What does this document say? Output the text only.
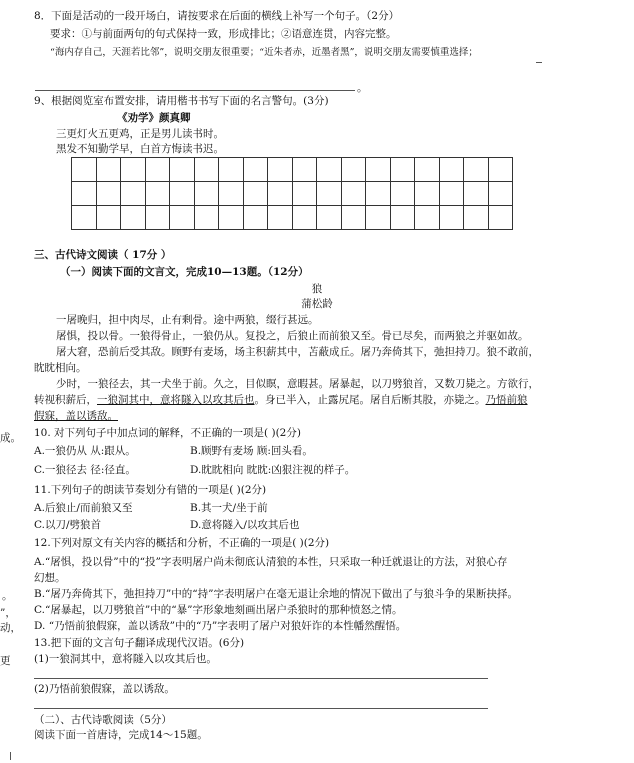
8．下面是活动的一段开场白，请按要求在后面的横线上补写一个句子。（2分）
要求：①与前面两句的句式保持一致，形成排比；②语意连贯，内容完整。
“海内存自己，天涯若比邻”，说明交朋友很重要；“近朱者赤，近墨者黑”，说明交朋友需要慎重选择；
。
9、根据阅览室布置安排，请用楷书书写下面的名言警句。(3分)
《劝学》颜真卿
三更灯火五更鸡，正是男儿读书时。
黑发不知勤学早，白首方悔读书迟。

三、古代诗文阅读（ 17分 ）
（一）阅读下面的文言文，完成10—13题。（12分）
狼
蒲松龄
一屠晚归，担中肉尽，止有剩骨。途中两狼，缀行甚远。
屠惧，投以骨。一狼得骨止，一狼仍从。复投之，后狼止而前狼又至。骨已尽矣，而两狼之并驱如故。
屠大窘，恐前后受其敌。顾野有麦场，场主积薪其中，苫蔽成丘。屠乃奔倚其下，弛担持刀。狼不敢前，
眈眈相向。
少时，一狼径去，其一犬坐于前。久之，目似瞑，意暇甚。屠暴起，以刀劈狼首，又数刀毙之。方欲行，
转视积薪后，一狼洞其中，意将隧入以攻其后也。身已半入，止露尻尾。屠自后断其股，亦毙之。乃悟前狼
假寐，盖以诱敌。
10. 对下列句子中加点词的解释，不正确的一项是( )(2分)
A.一狼仍从 从:跟从。	B.顾野有麦场 顾:回头看。
C.一狼径去 径:径直。	D.眈眈相向 眈眈:凶狠注视的样子。
11.下列句子的朗读节奏划分有错的一项是( )(2分)
A.后狼止/而前狼又至	B.其一犬/坐于前
C.以刀/劈狼首	D.意将隧入/以攻其后也
12.下列对原文有关内容的概括和分析，不正确的一项是( )(2分)
A.“屠惧，投以骨”中的“投”字表明屠户尚未彻底认清狼的本性，只采取一种迁就退让的方法，对狼心存
幻想。
B.“屠乃奔倚其下，弛担持刀”中的“持”字表明屠户在毫无退让余地的情况下做出了与狼斗争的果断抉择。
C.“屠暴起，以刀劈狼首”中的“暴”字形象地刻画出屠户杀狼时的那种愤怒之情。
D. “乃悟前狼假寐，盖以诱敌”中的“乃”字表明了屠户对狼奸诈的本性幡然醒悟。
13.把下面的文言句子翻译成现代汉语。(6分)
(1)一狼洞其中，意将隧入以攻其后也。
(2)乃悟前狼假寐，盖以诱敌。
（二）、古代诗歌阅读（5分）
阅读下面一首唐诗，完成14～15题。
成。
。
”，
动，
更
